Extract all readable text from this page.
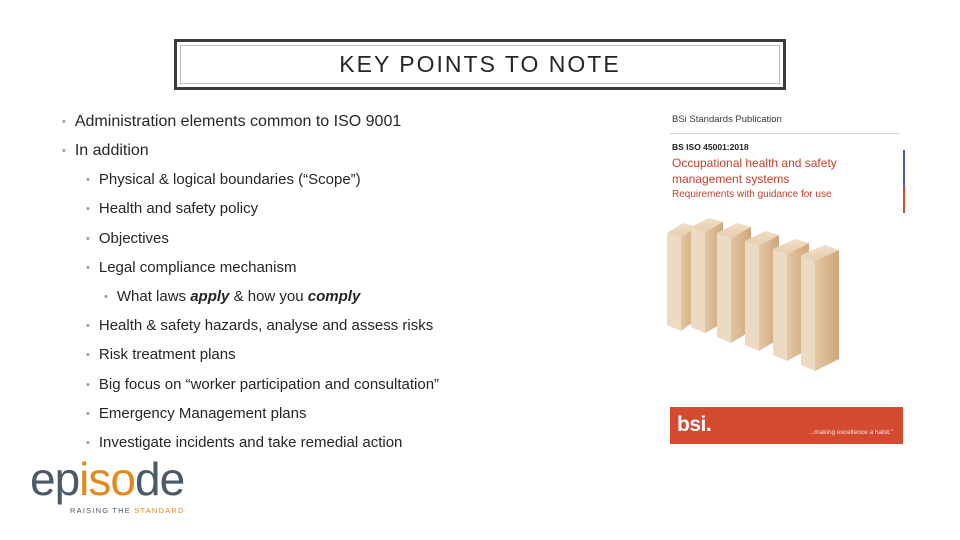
KEY POINTS TO NOTE
• Administration elements common to ISO 9001
• In addition
• Physical & logical boundaries (“Scope”)
• Health and safety policy
• Objectives
• Legal compliance mechanism
• What laws apply & how you comply
• Health & safety hazards, analyse and assess risks
• Risk treatment plans
• Big focus on “worker participation and consultation”
• Emergency Management plans
• Investigate incidents and take remedial action
BSi Standards Publication
BS ISO 45001:2018
Occupational health and safety
management systems
Requirements with guidance for use
bsi.	...making excellence a habit.”
episode
RAISING THE STANDARD
